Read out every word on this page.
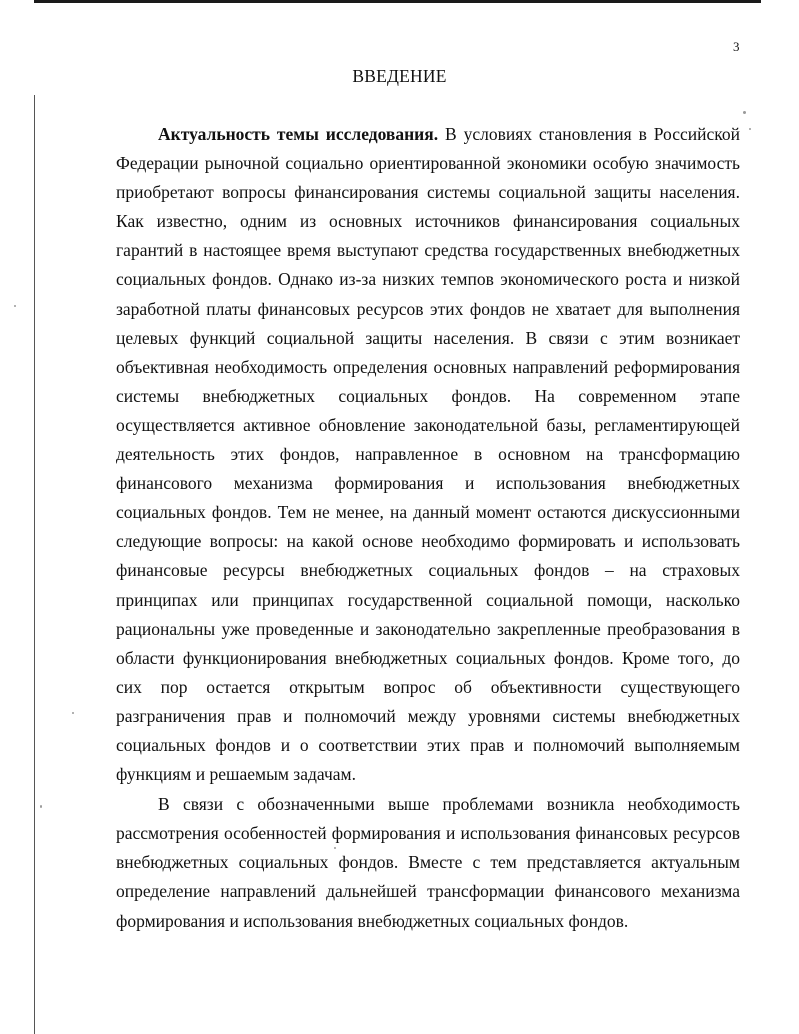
3
ВВЕДЕНИЕ

Актуальность темы исследования. В условиях становления в Российской Федерации рыночной социально ориентированной экономики особую значимость приобретают вопросы финансирования системы социальной защиты населения. Как известно, одним из основных источников финансирования социальных гарантий в настоящее время выступают средства государственных внебюджетных социальных фондов. Однако из-за низких темпов экономического роста и низкой заработной платы финансовых ресурсов этих фондов не хватает для выполнения целевых функций социальной защиты населения. В связи с этим возникает объективная необходимость определения основных направлений реформирования системы внебюджетных социальных фондов. На современном этапе осуществляется активное обновление законодательной базы, регламентирующей деятельность этих фондов, направленное в основном на трансформацию финансового механизма формирования и использования внебюджетных социальных фондов. Тем не менее, на данный момент остаются дискуссионными следующие вопросы: на какой основе необходимо формировать и использовать финансовые ресурсы внебюджетных социальных фондов – на страховых принципах или принципах государственной социальной помощи, насколько рациональны уже проведенные и законодательно закрепленные преобразования в области функционирования внебюджетных социальных фондов. Кроме того, до сих пор остается открытым вопрос об объективности существующего разграничения прав и полномочий между уровнями системы внебюджетных социальных фондов и о соответствии этих прав и полномочий выполняемым функциям и решаемым задачам.

В связи с обозначенными выше проблемами возникла необходимость рассмотрения особенностей формирования и использования финансовых ресурсов внебюджетных социальных фондов. Вместе с тем представляется актуальным определение направлений дальнейшей трансформации финансового механизма формирования и использования внебюджетных социальных фондов.
